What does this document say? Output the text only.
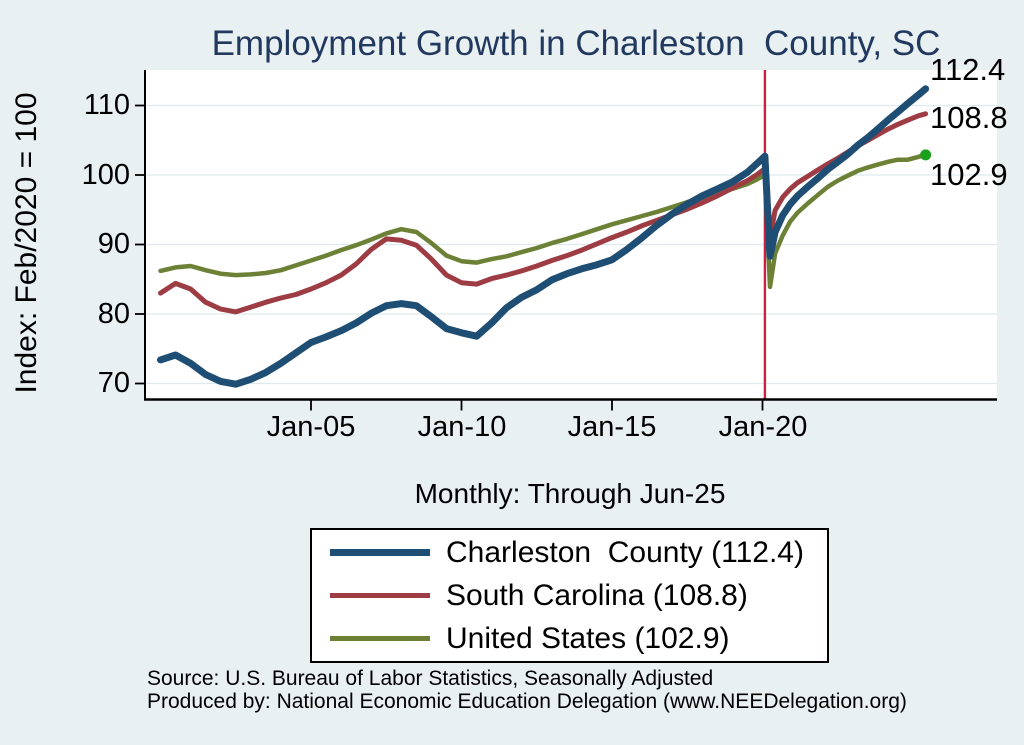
Employment Growth in Charleston  County, SC
Index: Feb/2020 = 100	110
100
90
80
70
Jan-05	Jan-10	Jan-15	Jan-20
112.4
108.8
102.9
Monthly: Through Jun-25
Charleston  County (112.4)
South Carolina (108.8)
United States (102.9)
Source: U.S. Bureau of Labor Statistics, Seasonally Adjusted
Produced by: National Economic Education Delegation (www.NEEDelegation.org)
